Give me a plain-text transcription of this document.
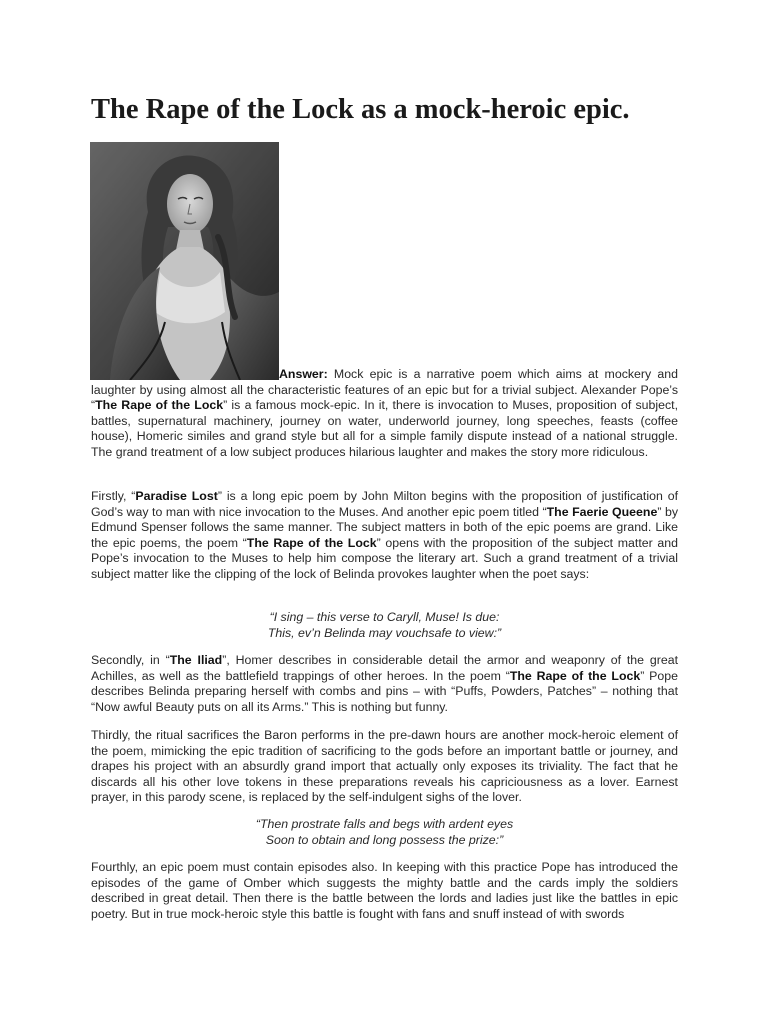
The Rape of the Lock as a mock-heroic epic.

Answer: Mock epic is a narrative poem which aims at mockery and laughter by using almost all the characteristic features of an epic but for a trivial subject. Alexander Pope’s “The Rape of the Lock” is a famous mock-epic. In it, there is invocation to Muses, proposition of subject, battles, supernatural machinery, journey on water, underworld journey, long speeches, feasts (coffee house), Homeric similes and grand style but all for a simple family dispute instead of a national struggle. The grand treatment of a low subject produces hilarious laughter and makes the story more ridiculous.

Firstly, “Paradise Lost” is a long epic poem by John Milton begins with the proposition of justification of God’s way to man with nice invocation to the Muses. And another epic poem titled “The Faerie Queene” by Edmund Spenser follows the same manner. The subject matters in both of the epic poems are grand. Like the epic poems, the poem “The Rape of the Lock” opens with the proposition of the subject matter and Pope’s invocation to the Muses to help him compose the literary art. Such a grand treatment of a trivial subject matter like the clipping of the lock of Belinda provokes laughter when the poet says:

“I sing – this verse to Caryll, Muse! Is due:
This, ev’n Belinda may vouchsafe to view:”

Secondly, in “The Iliad”, Homer describes in considerable detail the armor and weaponry of the great Achilles, as well as the battlefield trappings of other heroes. In the poem “The Rape of the Lock” Pope describes Belinda preparing herself with combs and pins – with “Puffs, Powders, Patches” – nothing that “Now awful Beauty puts on all its Arms.” This is nothing but funny.

Thirdly, the ritual sacrifices the Baron performs in the pre-dawn hours are another mock-heroic element of the poem, mimicking the epic tradition of sacrificing to the gods before an important battle or journey, and drapes his project with an absurdly grand import that actually only exposes its triviality. The fact that he discards all his other love tokens in these preparations reveals his capriciousness as a lover. Earnest prayer, in this parody scene, is replaced by the self-indulgent sighs of the lover.

“Then prostrate falls and begs with ardent eyes
Soon to obtain and long possess the prize:”

Fourthly, an epic poem must contain episodes also. In keeping with this practice Pope has introduced the episodes of the game of Omber which suggests the mighty battle and the cards imply the soldiers described in great detail. Then there is the battle between the lords and ladies just like the battles in epic poetry. But in true mock-heroic style this battle is fought with fans and snuff instead of with swords
